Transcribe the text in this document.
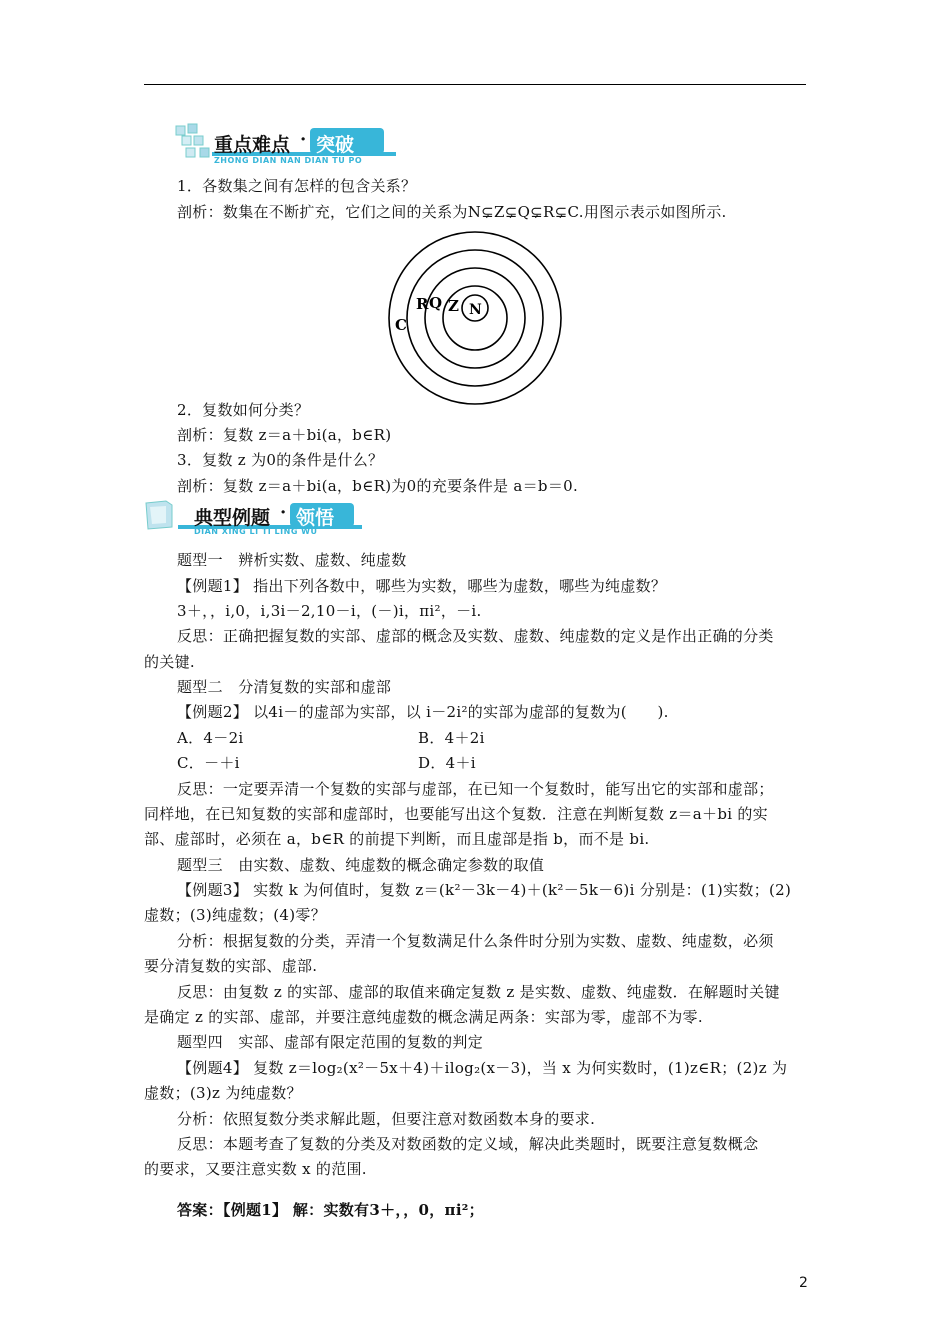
重点难点 · 突破
ZHONG DIAN NAN DIAN TU PO
1．各数集之间有怎样的包含关系？
剖析：数集在不断扩充，它们之间的关系为N⊊Z⊊Q⊊R⊊C.用图示表示如图所示.
C
R Q Z N
2．复数如何分类？
剖析：复数 z＝a＋bi(a，b∈R)
3．复数 z 为0的条件是什么？
剖析：复数 z＝a＋bi(a，b∈R)为0的充要条件是 a＝b＝0.
典型例题 · 领悟
DIAN XING LI TI LING WU
题型一　辨析实数、虚数、纯虚数
【例题1】 指出下列各数中，哪些为实数，哪些为虚数，哪些为纯虚数？
3＋，，i,0，i,3i－2,10－i，(－)i，πi²，－i.
反思：正确把握复数的实部、虚部的概念及实数、虚数、纯虚数的定义是作出正确的分类
的关键.
题型二　分清复数的实部和虚部
【例题2】 以4i－的虚部为实部，以 i－2i²的实部为虚部的复数为(　　).
A．4－2i	B．4＋2i
C．－＋i	D．4＋i
反思：一定要弄清一个复数的实部与虚部，在已知一个复数时，能写出它的实部和虚部；
同样地，在已知复数的实部和虚部时，也要能写出这个复数．注意在判断复数 z＝a＋bi 的实
部、虚部时，必须在 a，b∈R 的前提下判断，而且虚部是指 b，而不是 bi.
题型三　由实数、虚数、纯虚数的概念确定参数的取值
【例题3】 实数 k 为何值时，复数 z＝(k²－3k－4)＋(k²－5k－6)i 分别是：(1)实数；(2)
虚数；(3)纯虚数；(4)零？
分析：根据复数的分类，弄清一个复数满足什么条件时分别为实数、虚数、纯虚数，必须
要分清复数的实部、虚部.
反思：由复数 z 的实部、虚部的取值来确定复数 z 是实数、虚数、纯虚数．在解题时关键
是确定 z 的实部、虚部，并要注意纯虚数的概念满足两条：实部为零，虚部不为零.
题型四　实部、虚部有限定范围的复数的判定
【例题4】 复数 z＝log₂(x²－5x＋4)＋ilog₂(x－3)，当 x 为何实数时，(1)z∈R；(2)z 为
虚数；(3)z 为纯虚数？
分析：依照复数分类求解此题，但要注意对数函数本身的要求.
反思：本题考查了复数的分类及对数函数的定义域，解决此类题时，既要注意复数概念
的要求，又要注意实数 x 的范围.
答案：【例题1】 解：实数有3＋，，0，πi²；
2
